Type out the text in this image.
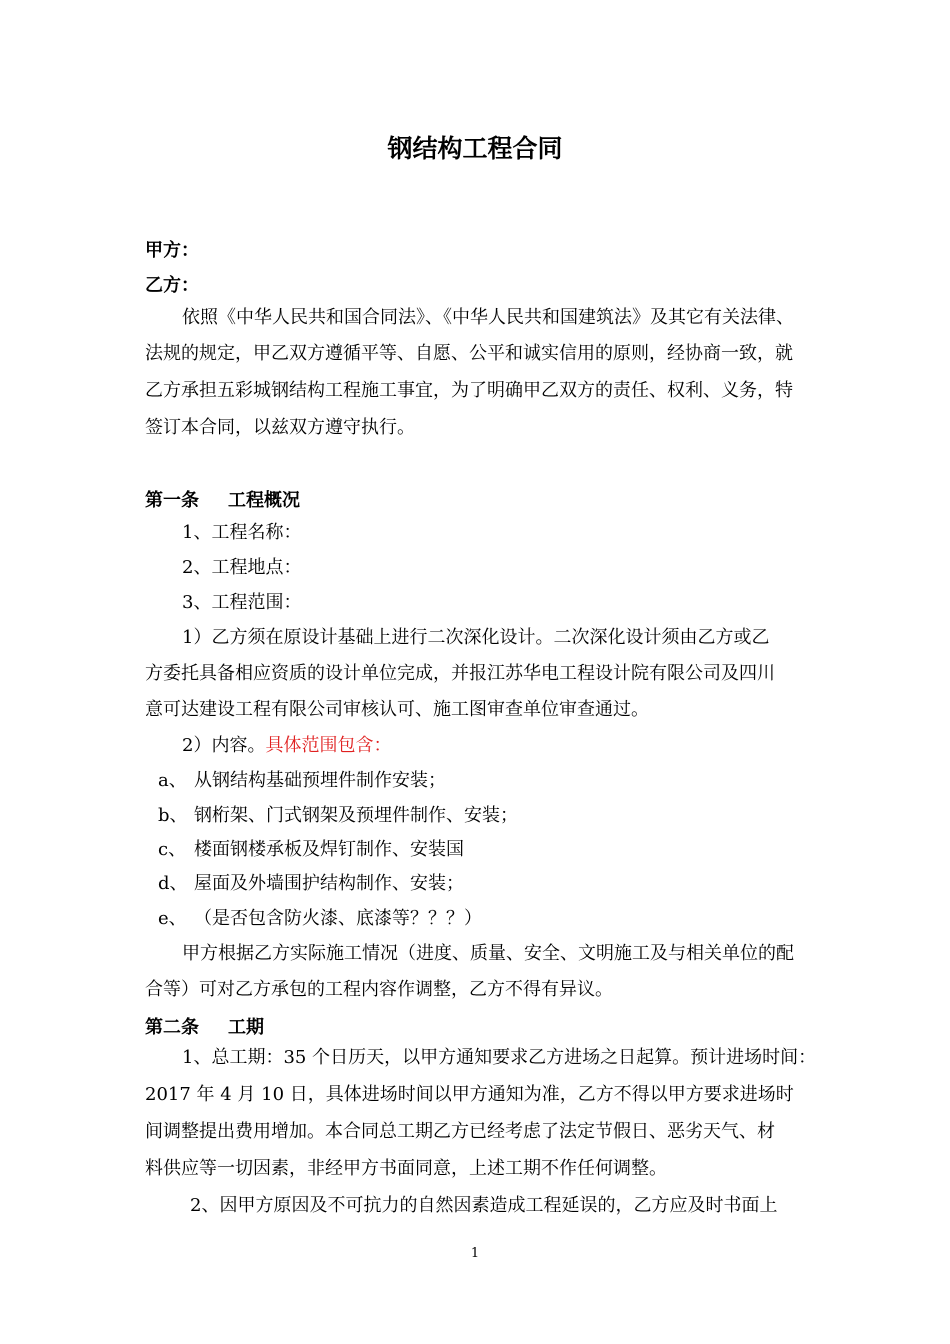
钢结构工程合同
甲方：
乙方：
依照《中华人民共和国合同法》、《中华人民共和国建筑法》及其它有关法律、
法规的规定，甲乙双方遵循平等、自愿、公平和诚实信用的原则，经协商一致，就
乙方承担五彩城钢结构工程施工事宜，为了明确甲乙双方的责任、权利、义务，特
签订本合同，以兹双方遵守执行。
第一条 工程概况
1、工程名称：
2、工程地点：
3、工程范围：
1）乙方须在原设计基础上进行二次深化设计。二次深化设计须由乙方或乙
方委托具备相应资质的设计单位完成，并报江苏华电工程设计院有限公司及四川
意可达建设工程有限公司审核认可、施工图审查单位审查通过。
2）内容。具体范围包含：
a、 从钢结构基础预埋件制作安装；
b、 钢桁架、门式钢架及预埋件制作、安装；
c、 楼面钢楼承板及焊钉制作、安装国
d、 屋面及外墙围护结构制作、安装；
e、 （是否包含防火漆、底漆等？？？）
甲方根据乙方实际施工情况（进度、质量、安全、文明施工及与相关单位的配
合等）可对乙方承包的工程内容作调整，乙方不得有异议。
第二条 工期
1、总工期：35 个日历天，以甲方通知要求乙方进场之日起算。预计进场时间：
2017 年 4 月 10 日，具体进场时间以甲方通知为准，乙方不得以甲方要求进场时
间调整提出费用增加。本合同总工期乙方已经考虑了法定节假日、恶劣天气、材
料供应等一切因素，非经甲方书面同意，上述工期不作任何调整。
2、因甲方原因及不可抗力的自然因素造成工程延误的，乙方应及时书面上
1
